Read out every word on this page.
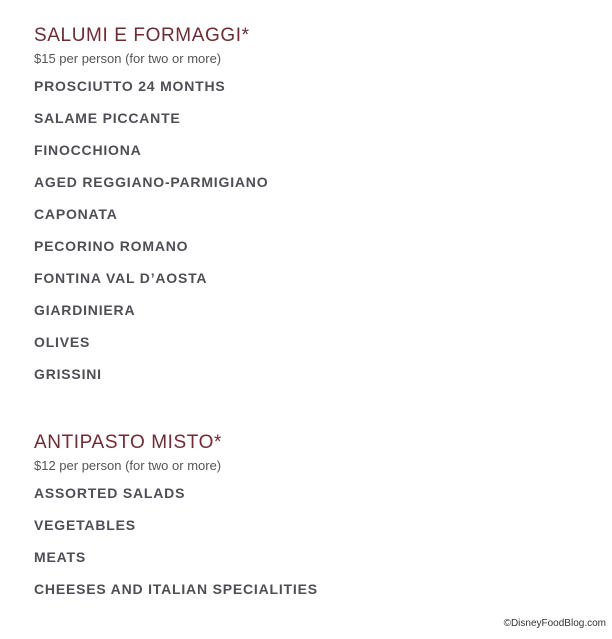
SALUMI E FORMAGGI*

$15 per person (for two or more)

PROSCIUTTO 24 MONTHS
SALAME PICCANTE
FINOCCHIONA
AGED REGGIANO-PARMIGIANO
CAPONATA
PECORINO ROMANO
FONTINA VAL D’AOSTA
GIARDINIERA
OLIVES
GRISSINI
ANTIPASTO MISTO*

$12 per person (for two or more)

ASSORTED SALADS
VEGETABLES
MEATS
CHEESES AND ITALIAN SPECIALITIES
©DisneyFoodBlog.com
